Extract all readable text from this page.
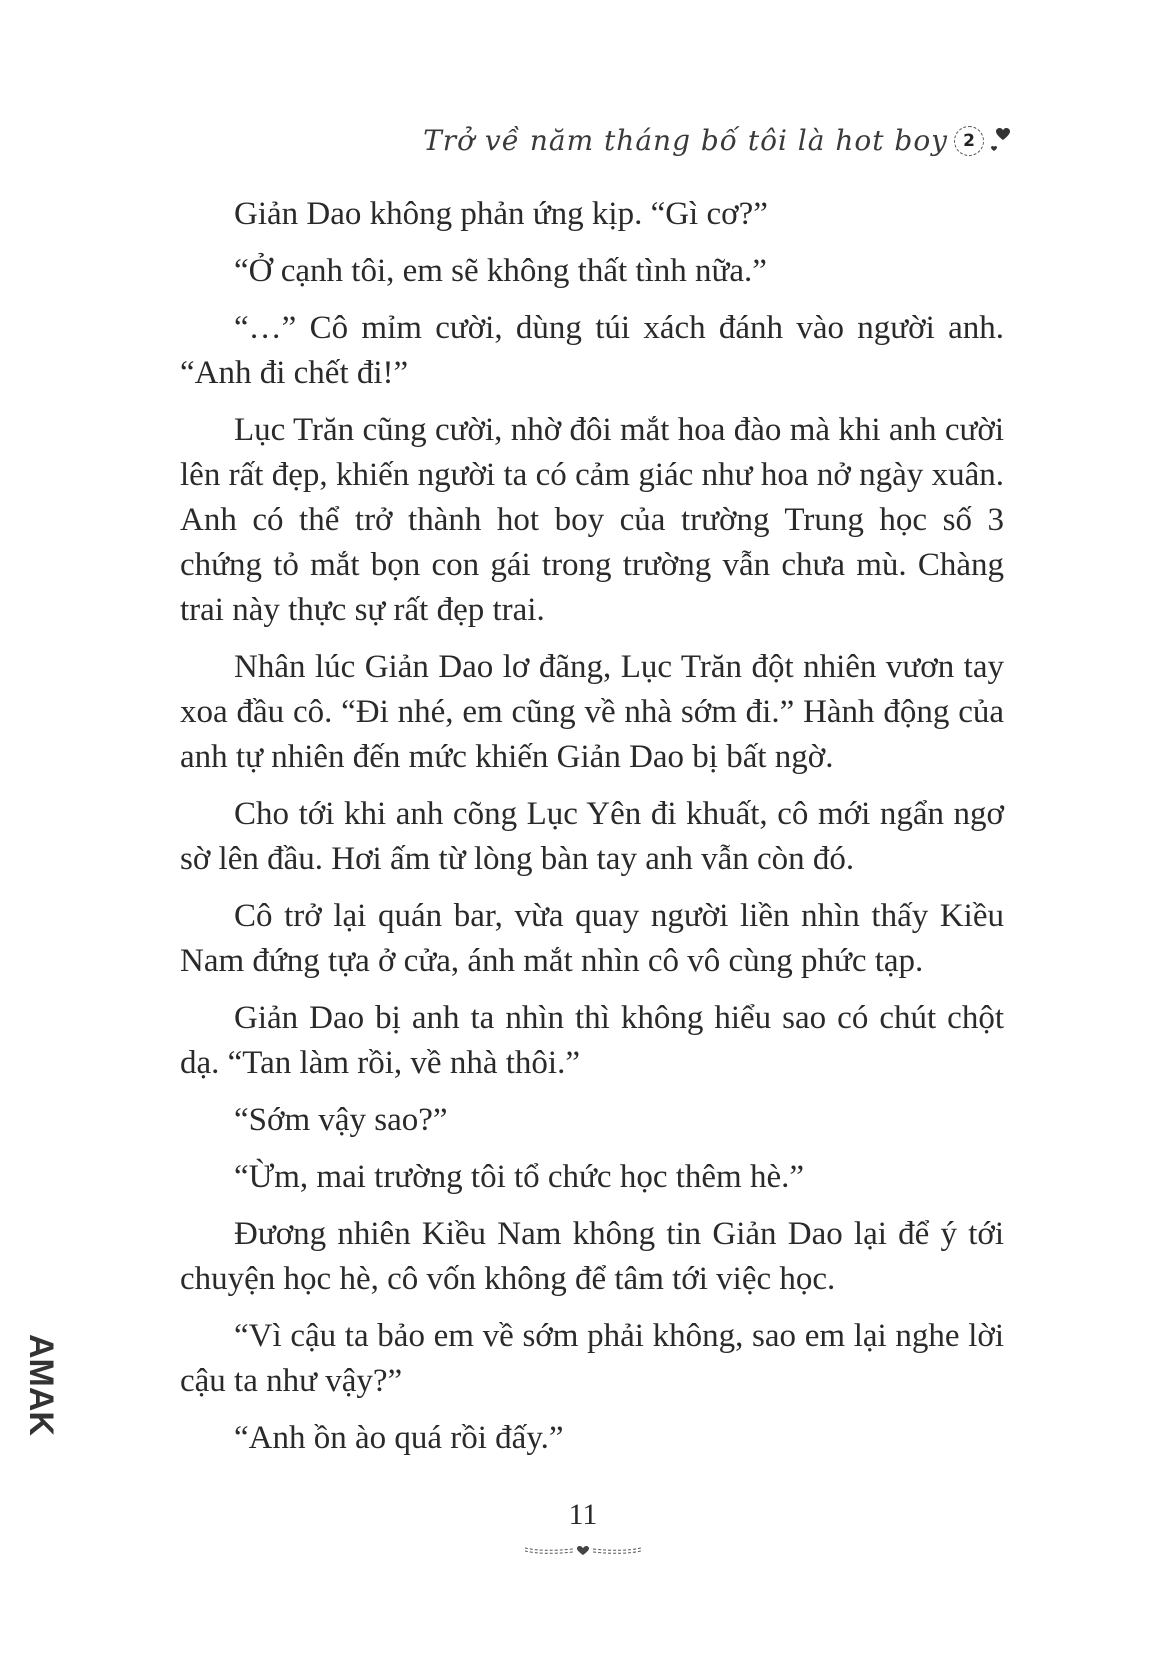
Trở về năm tháng bố tôi là hot boy 2

Giản Dao không phản ứng kịp. “Gì cơ?”

“Ở cạnh tôi, em sẽ không thất tình nữa.”

“…” Cô mỉm cười, dùng túi xách đánh vào người anh. “Anh đi chết đi!”

Lục Trăn cũng cười, nhờ đôi mắt hoa đào mà khi anh cười lên rất đẹp, khiến người ta có cảm giác như hoa nở ngày xuân. Anh có thể trở thành hot boy của trường Trung học số 3 chứng tỏ mắt bọn con gái trong trường vẫn chưa mù. Chàng trai này thực sự rất đẹp trai.

Nhân lúc Giản Dao lơ đãng, Lục Trăn đột nhiên vươn tay xoa đầu cô. “Đi nhé, em cũng về nhà sớm đi.” Hành động của anh tự nhiên đến mức khiến Giản Dao bị bất ngờ.

Cho tới khi anh cõng Lục Yên đi khuất, cô mới ngẩn ngơ sờ lên đầu. Hơi ấm từ lòng bàn tay anh vẫn còn đó.

Cô trở lại quán bar, vừa quay người liền nhìn thấy Kiều Nam đứng tựa ở cửa, ánh mắt nhìn cô vô cùng phức tạp.

Giản Dao bị anh ta nhìn thì không hiểu sao có chút chột dạ. “Tan làm rồi, về nhà thôi.”

“Sớm vậy sao?”

“Ừm, mai trường tôi tổ chức học thêm hè.”

Đương nhiên Kiều Nam không tin Giản Dao lại để ý tới chuyện học hè, cô vốn không để tâm tới việc học.

“Vì cậu ta bảo em về sớm phải không, sao em lại nghe lời cậu ta như vậy?”

“Anh ồn ào quá rồi đấy.”

AMAK
11
